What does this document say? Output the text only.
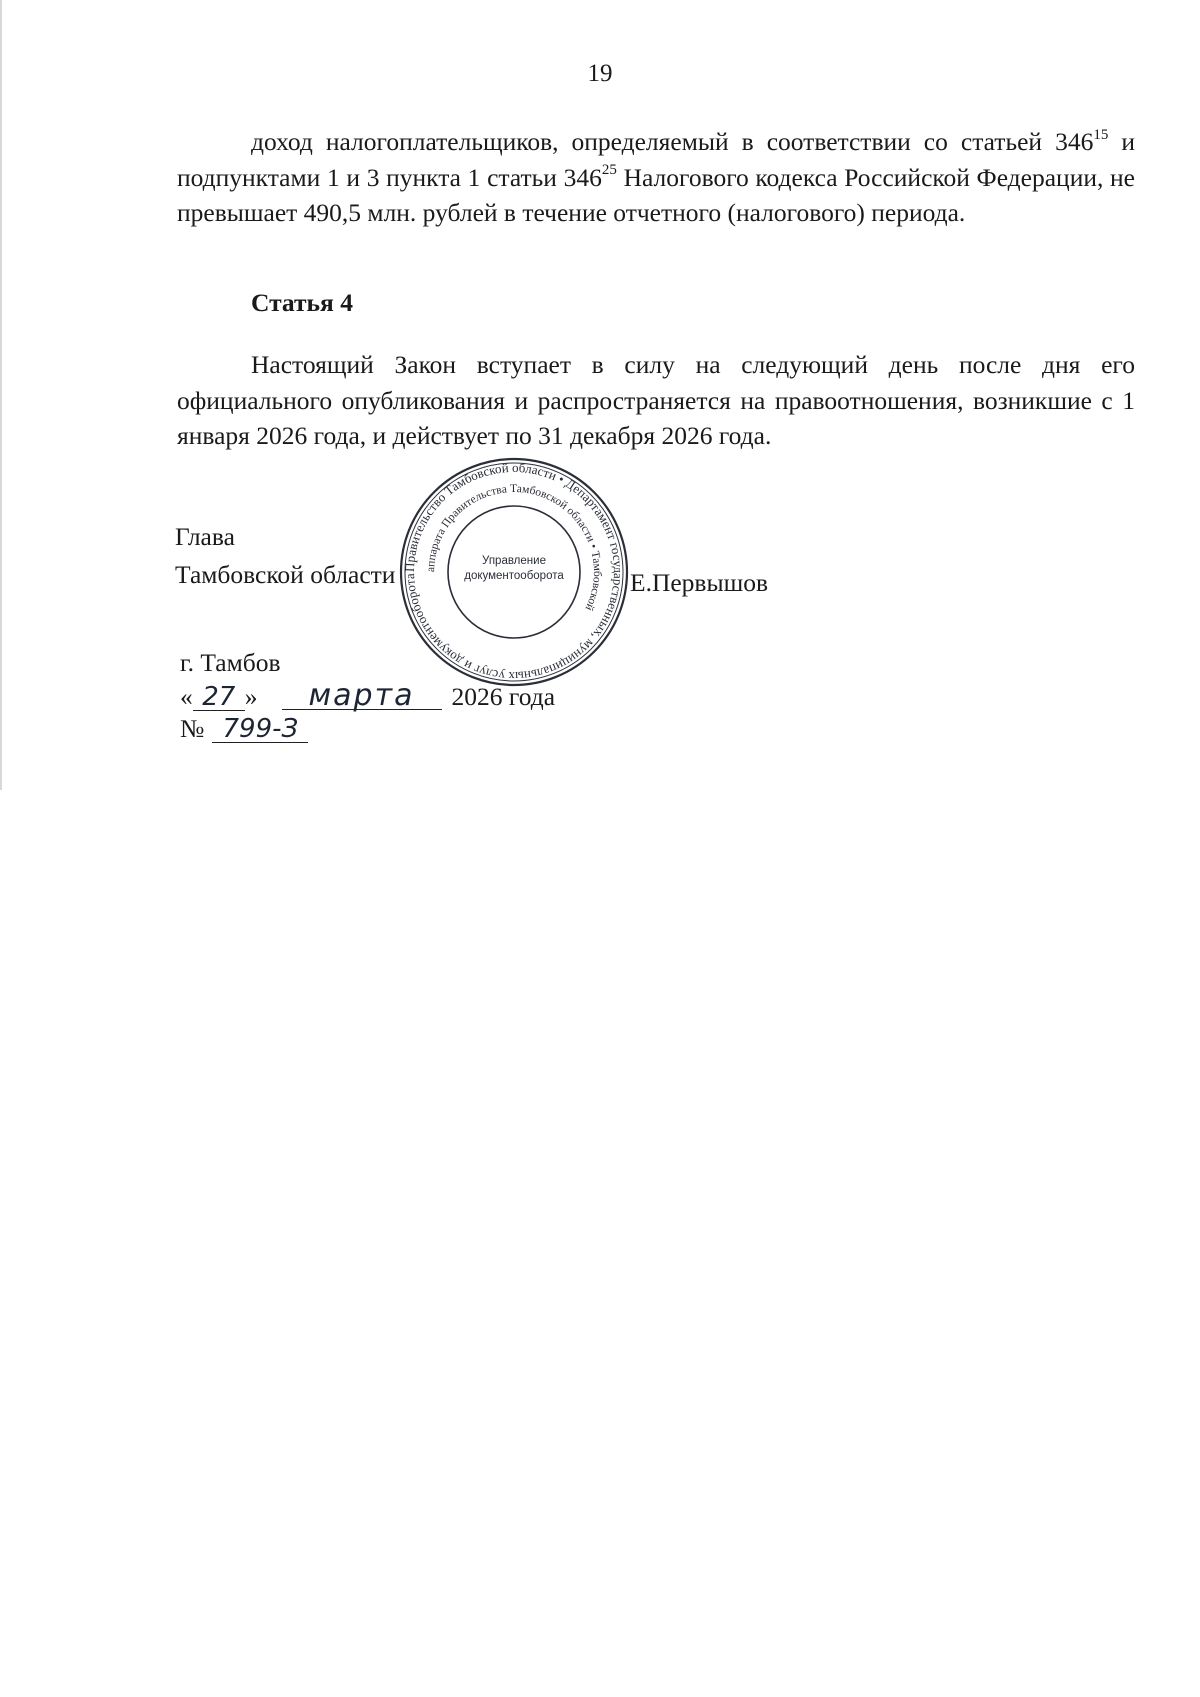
19
доход налогоплательщиков, определяемый в соответствии со статьей $346^{15}$ и подпунктами 1 и 3 пункта 1 статьи $346^{25}$ Налогового кодекса Российской Федерации, не превышает 490,5 млн. рублей в течение отчетного (налогового) периода.
Статья 4
Настоящий Закон вступает в силу на следующий день после дня его официального опубликования и распространяется на правоотношения, возникшие с 1 января 2026 года, и действует по 31 декабря 2026 года.
Глава
Тамбовской области	Е.Первышов
Правительство Тамбовской области • Департамент государственных, муниципальных услуг и документооборота
аппарата Правительства Тамбовской области • Тамбовской
Управление
документооборота
г. Тамбов
« 27 » марта 2026 года
№ 799-З
